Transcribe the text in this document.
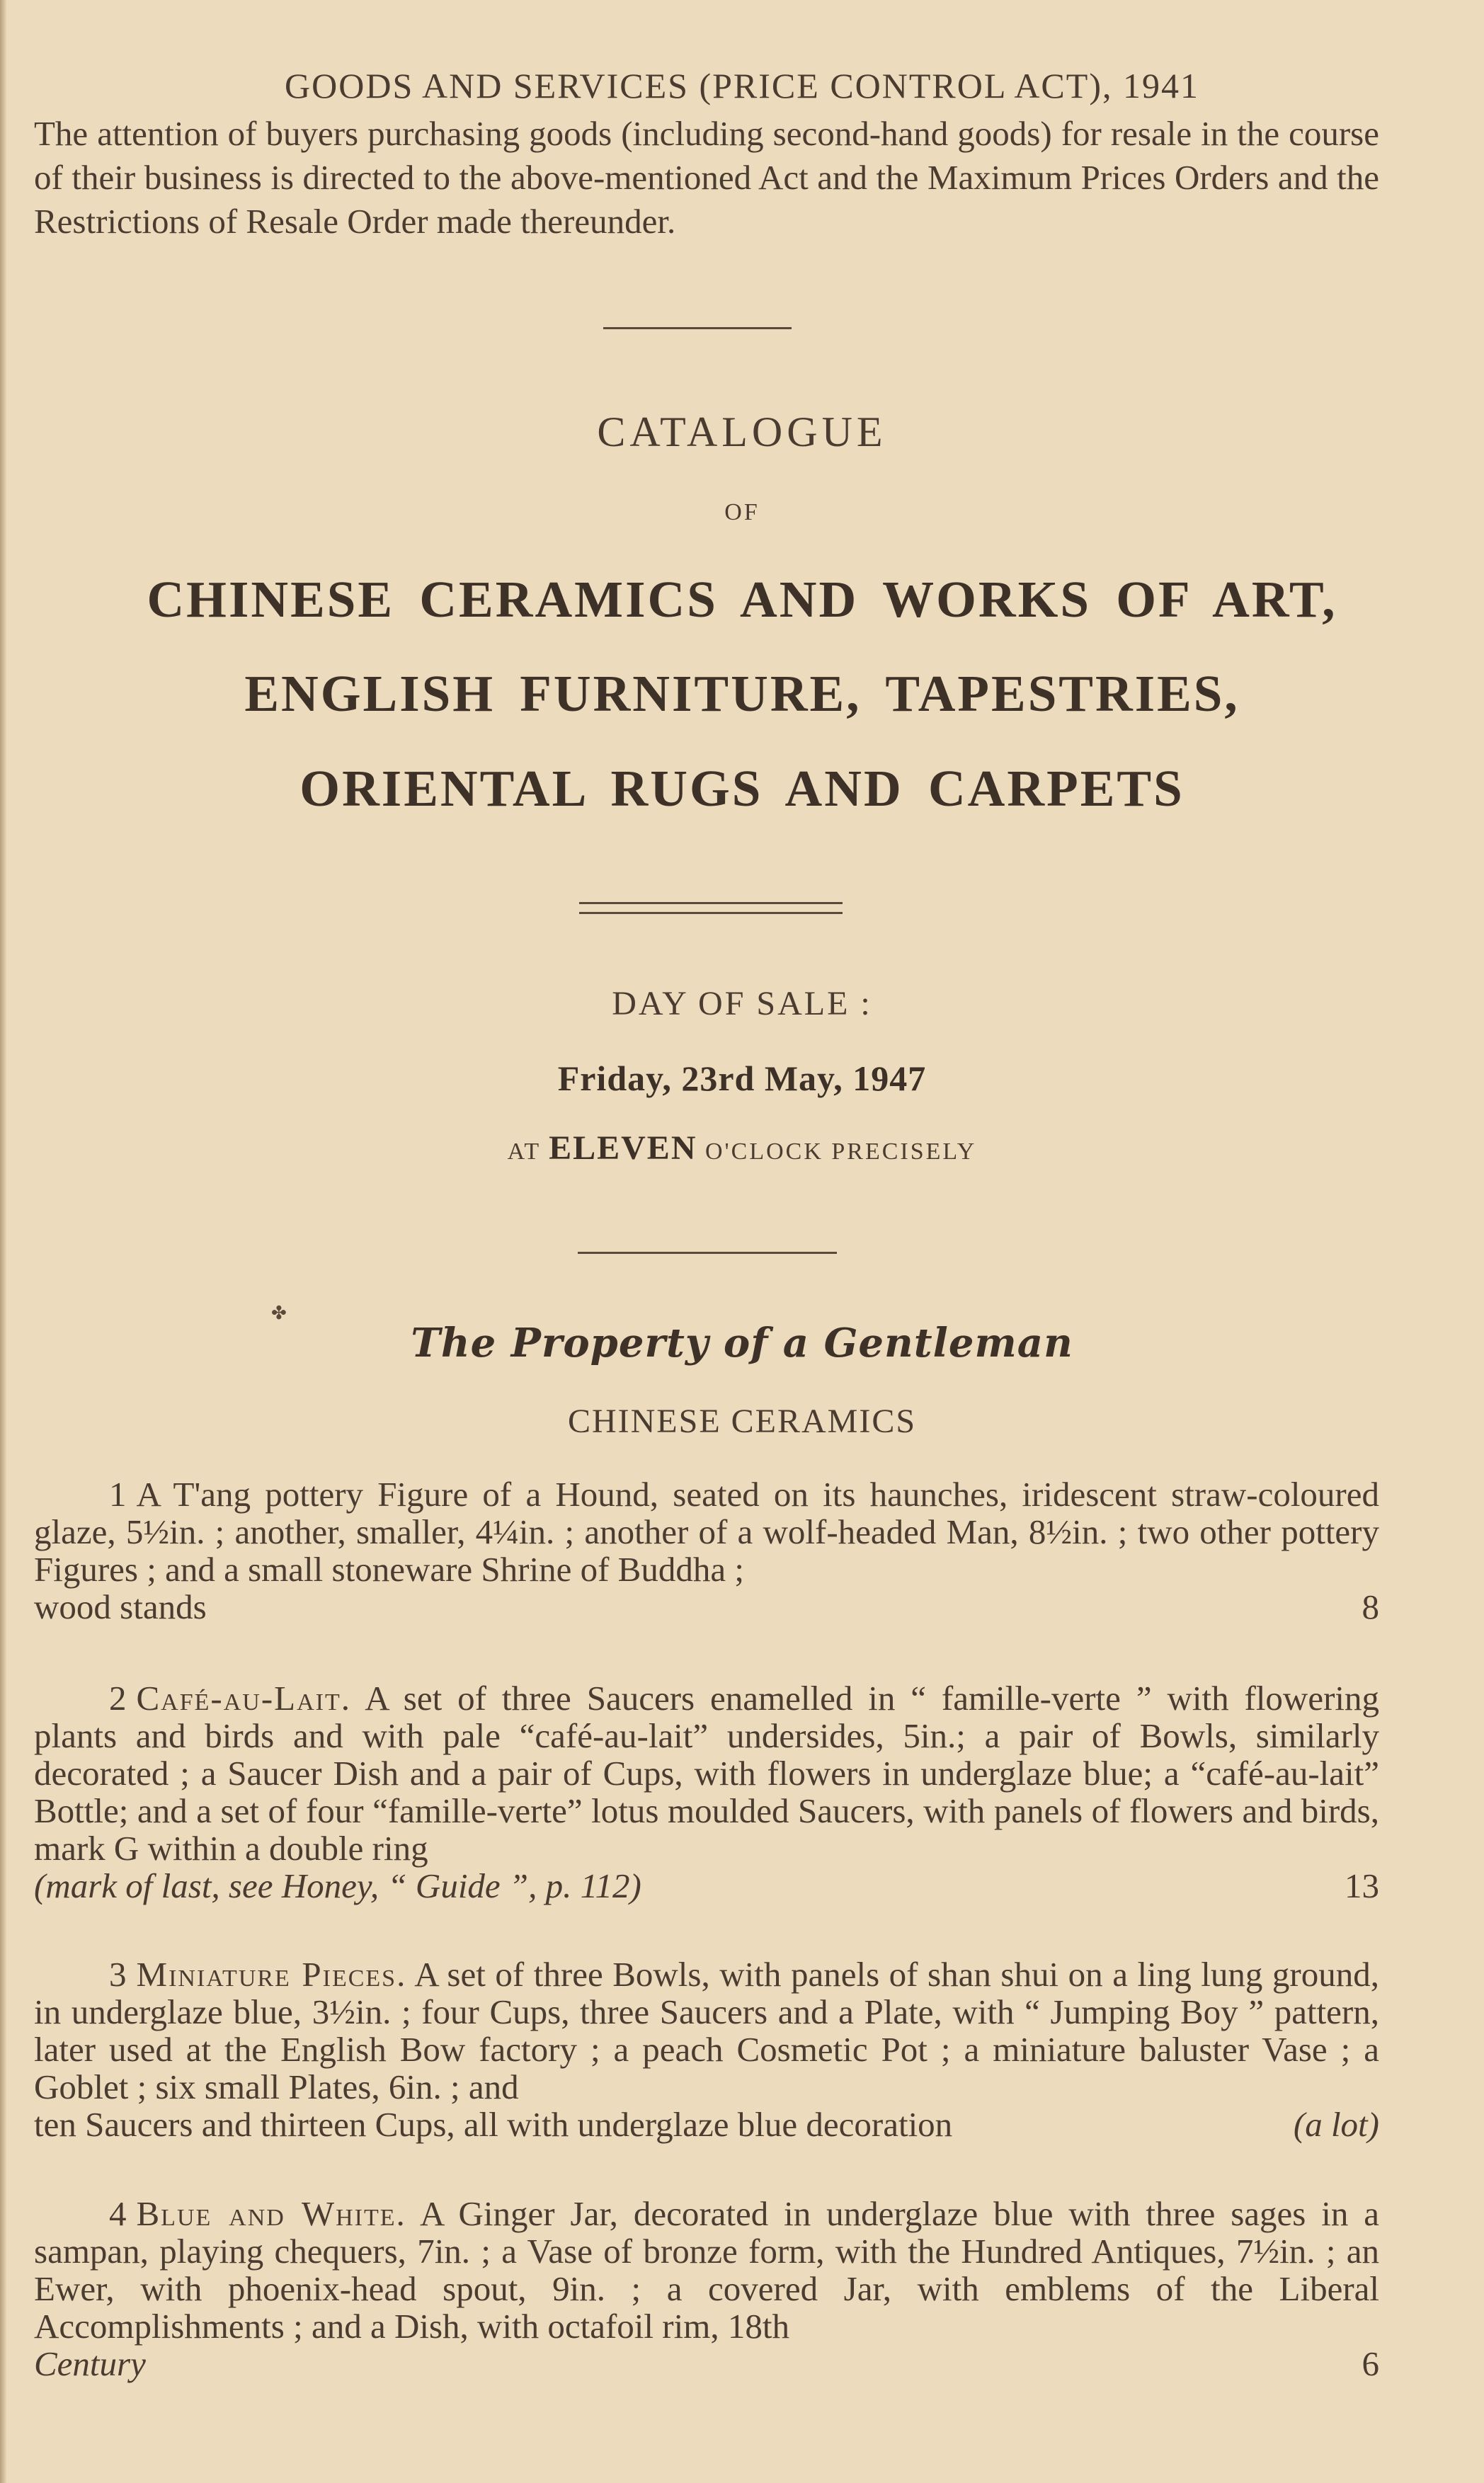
GOODS AND SERVICES (PRICE CONTROL ACT), 1941
The attention of buyers purchasing goods (including second-hand goods) for resale in the course of their business is directed to the above-mentioned Act and the Maximum Prices Orders and the Restrictions of Resale Order made thereunder.
CATALOGUE
OF
CHINESE CERAMICS AND WORKS OF ART,
ENGLISH FURNITURE, TAPESTRIES,
ORIENTAL RUGS AND CARPETS
DAY OF SALE :
Friday, 23rd May, 1947
AT ELEVEN O'CLOCK PRECISELY
✤
The Property of a Gentleman
CHINESE CERAMICS
1 A T'ang pottery Figure of a Hound, seated on its haunches, iridescent straw-coloured glaze, 5½in. ; another, smaller, 4¼in. ; another of a wolf-headed Man, 8½in. ; two other pottery Figures ; and a small stoneware Shrine of Buddha ;
wood stands	8
2 Café-au-Lait. A set of three Saucers enamelled in “ famille-verte ” with flowering plants and birds and with pale “café-au-lait” undersides, 5in.; a pair of Bowls, similarly decorated ; a Saucer Dish and a pair of Cups, with flowers in underglaze blue; a “café-au-lait” Bottle; and a set of four “famille-verte” lotus moulded Saucers, with panels of flowers and birds, mark G within a double ring
(mark of last, see Honey, “ Guide ”, p. 112)	13
3 Miniature Pieces. A set of three Bowls, with panels of shan shui on a ling lung ground, in underglaze blue, 3½in. ; four Cups, three Saucers and a Plate, with “ Jumping Boy ” pattern, later used at the English Bow factory ; a peach Cosmetic Pot ; a miniature baluster Vase ; a Goblet ; six small Plates, 6in. ; and
ten Saucers and thirteen Cups, all with underglaze blue decoration	(a lot)
4 Blue and White. A Ginger Jar, decorated in underglaze blue with three sages in a sampan, playing chequers, 7in. ; a Vase of bronze form, with the Hundred Antiques, 7½in. ; an Ewer, with phoenix-head spout, 9in. ; a covered Jar, with emblems of the Liberal Accomplishments ; and a Dish, with octafoil rim, 18th
Century	6
